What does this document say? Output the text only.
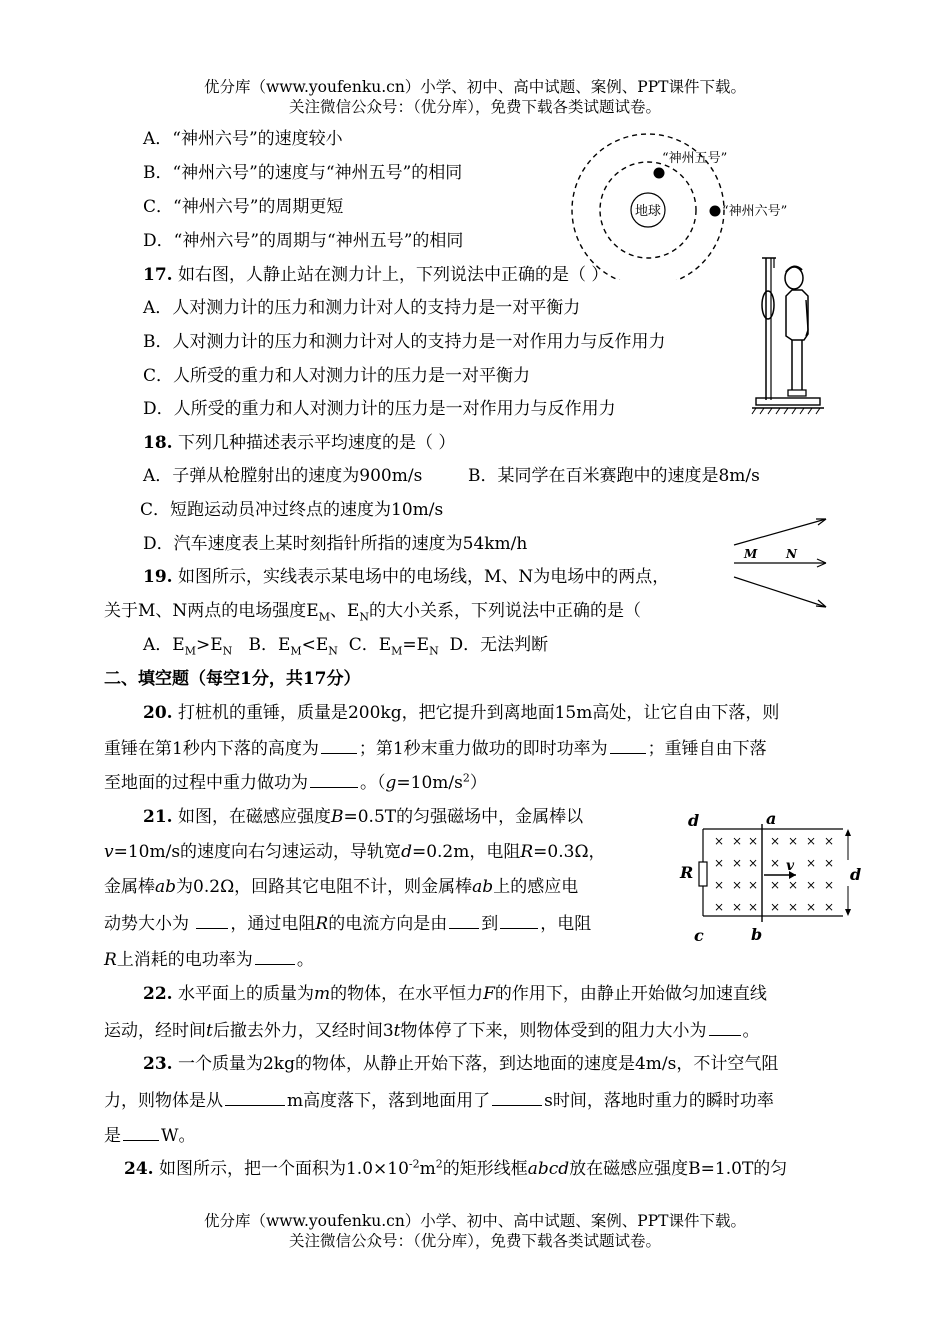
优分库（www.youfenku.cn）小学、初中、高中试题、案例、PPT课件下载。
关注微信公众号：（优分库），免费下载各类试题试卷。
A．“神州六号”的速度较小
B．“神州六号”的速度与“神州五号”的相同
C．“神州六号”的周期更短
D．“神州六号”的周期与“神州五号”的相同
地球
“神州五号”
“神州六号”
17. 如右图，人静止站在测力计上，下列说法中正确的是（ ）
A．人对测力计的压力和测力计对人的支持力是一对平衡力
B．人对测力计的压力和测力计对人的支持力是一对作用力与反作用力
C．人所受的重力和人对测力计的压力是一对平衡力
D．人所受的重力和人对测力计的压力是一对作用力与反作用力
18. 下列几种描述表示平均速度的是（ ）
A．子弹从枪膛射出的速度为900m/s	B．某同学在百米赛跑中的速度是8m/s
C．短跑运动员冲过终点的速度为10m/s
D．汽车速度表上某时刻指针所指的速度为54km/h	M N
19. 如图所示，实线表示某电场中的电场线，M、N为电场中的两点，
关于M、N两点的电场强度$E_M$、$E_N$的大小关系，下列说法中正确的是（
A．$E_M>E_N$ B．$E_M<E_N$ C．$E_M=E_N$ D．无法判断
二、填空题（每空1分，共17分）
20. 打桩机的重锤，质量是200kg，把它提升到离地面15m高处，让它自由下落，则
重锤在第1秒内下落的高度为 ；第1秒末重力做功的即时功率为 ；重锤自由下落
至地面的过程中重力做功为	。$(g=10m/s^2)$
21. 如图，在磁感应强度B=0.5T的匀强磁场中，金属棒以
v=10m/s的速度向右匀速运动，导轨宽d=0.2m，电阻R=0.3Ω，
金属棒ab为0.2Ω，回路其它电阻不计，则金属棒ab上的感应电
动势大小为 ，通过电阻R的电流方向是由 到 ，电阻
R上消耗的电功率为	。
d	a
c	b
R	d
v
× × × × × × ×
× × × × × ×
× × × × × × ×
× × × × × × ×
22. 水平面上的质量为m的物体，在水平恒力F的作用下，由静止开始做匀加速直线
运动，经时间t后撤去外力，又经时间3t物体停了下来，则物体受到的阻力大小为 。
23. 一个质量为2kg的物体，从静止开始下落，到达地面的速度是4m/s，不计空气阻
力，则物体是从	m高度落下，落到地面用了	s时间，落地时重力的瞬时功率
是 W。
24. 如图所示，把一个面积为$1.0\times 10^{-2}m^2$的矩形线框abcd放在磁感应强度B=1.0T的匀
优分库（www.youfenku.cn）小学、初中、高中试题、案例、PPT课件下载。
关注微信公众号：（优分库），免费下载各类试题试卷。
